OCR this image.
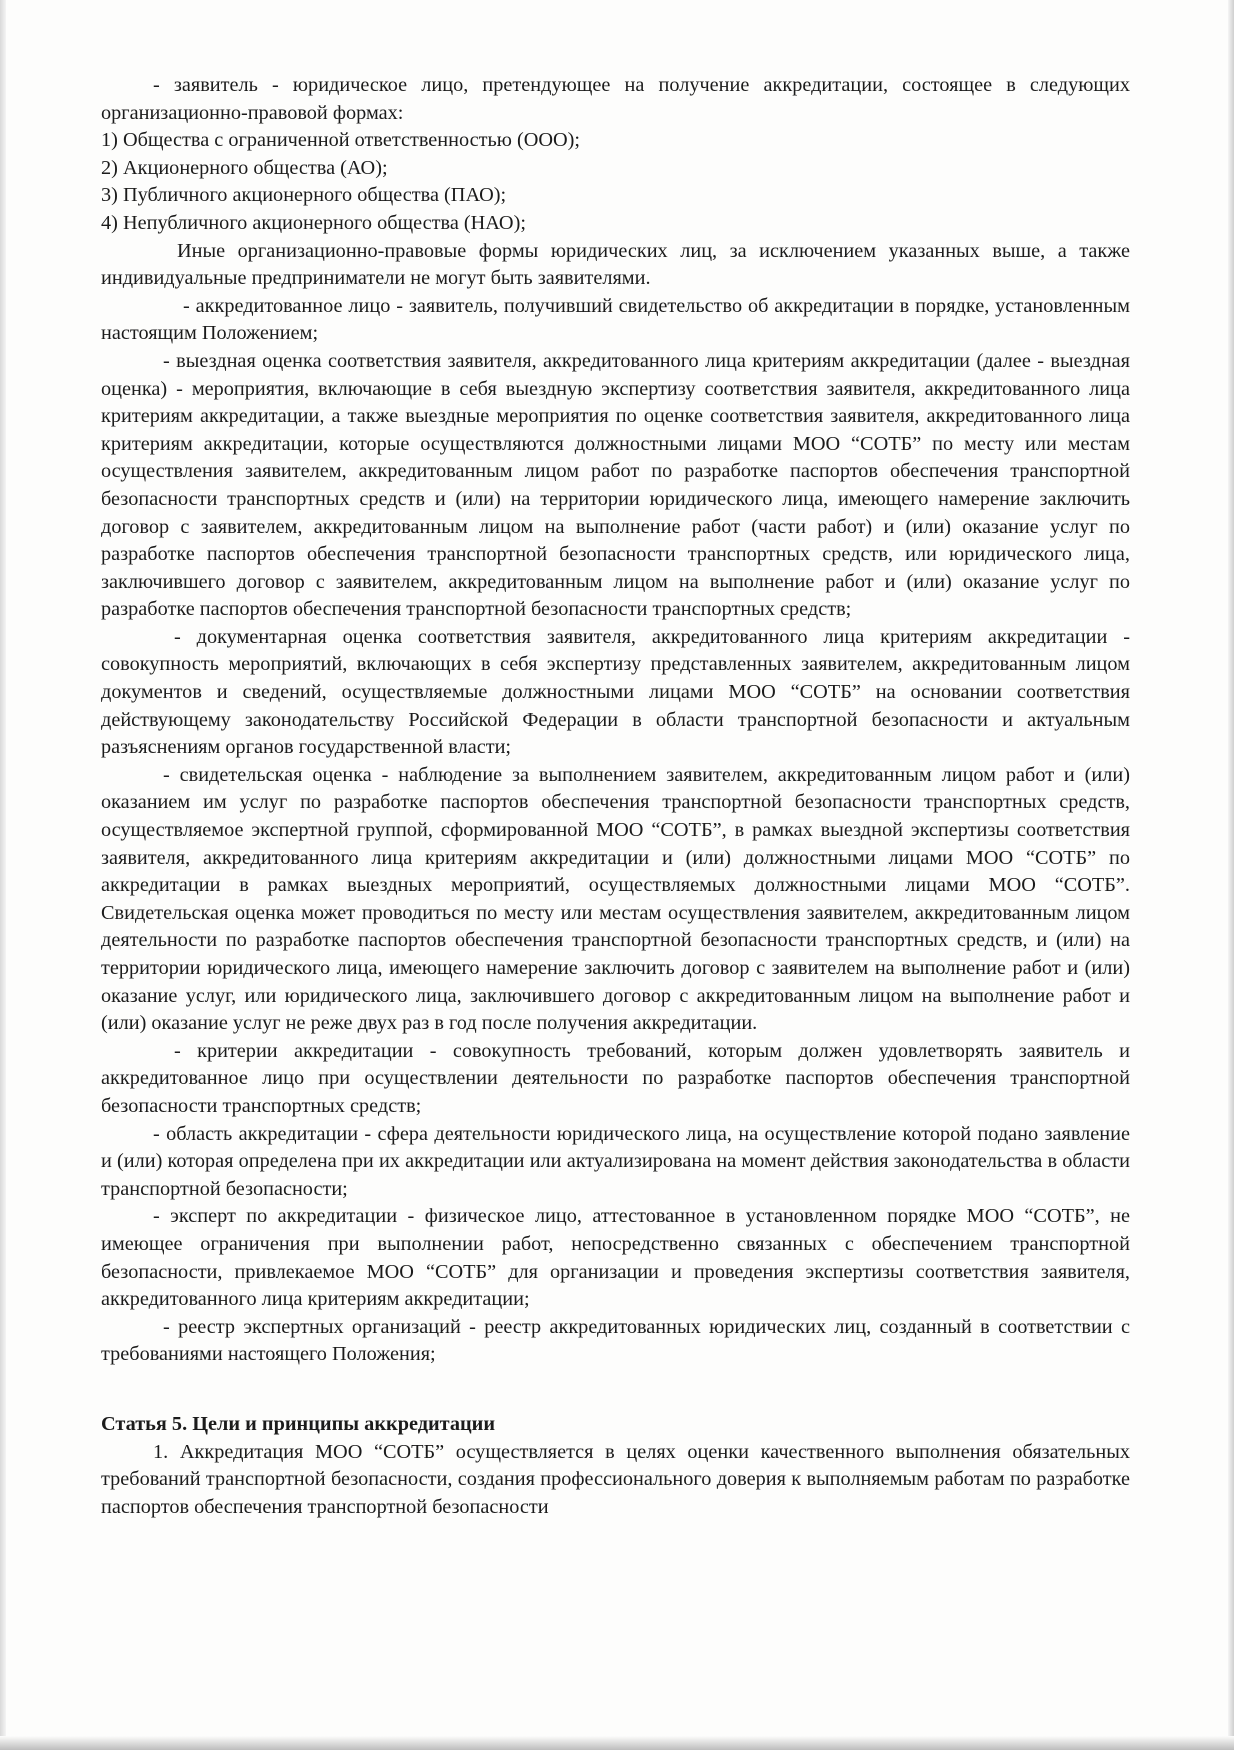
- заявитель - юридическое лицо, претендующее на получение аккредитации, состоящее в следующих организационно-правовой формах:

1) Общества с ограниченной ответственностью (ООО);

2) Акционерного общества (АО);

3) Публичного акционерного общества (ПАО);

4) Непубличного акционерного общества (НАО);

Иные организационно-правовые формы юридических лиц, за исключением указанных выше, а также индивидуальные предприниматели не могут быть заявителями.

- аккредитованное лицо - заявитель, получивший свидетельство об аккредитации в порядке, установленным настоящим Положением;

- выездная оценка соответствия заявителя, аккредитованного лица критериям аккредитации (далее - выездная оценка) - мероприятия, включающие в себя выездную экспертизу соответствия заявителя, аккредитованного лица критериям аккредитации, а также выездные мероприятия по оценке соответствия заявителя, аккредитованного лица критериям аккредитации, которые осуществляются должностными лицами МОО “СОТБ” по месту или местам осуществления заявителем, аккредитованным лицом работ по разработке паспортов обеспечения транспортной безопасности транспортных средств и (или) на территории юридического лица, имеющего намерение заключить договор с заявителем, аккредитованным лицом на выполнение работ (части работ) и (или) оказание услуг по разработке паспортов обеспечения транспортной безопасности транспортных средств, или юридического лица, заключившего договор с заявителем, аккредитованным лицом на выполнение работ и (или) оказание услуг по разработке паспортов обеспечения транспортной безопасности транспортных средств;

- документарная оценка соответствия заявителя, аккредитованного лица критериям аккредитации - совокупность мероприятий, включающих в себя экспертизу представленных заявителем, аккредитованным лицом документов и сведений, осуществляемые должностными лицами МОО “СОТБ” на основании соответствия действующему законодательству Российской Федерации в области транспортной безопасности и актуальным разъяснениям органов государственной власти;

- свидетельская оценка - наблюдение за выполнением заявителем, аккредитованным лицом работ и (или) оказанием им услуг по разработке паспортов обеспечения транспортной безопасности транспортных средств, осуществляемое экспертной группой, сформированной МОО “СОТБ”, в рамках выездной экспертизы соответствия заявителя, аккредитованного лица критериям аккредитации и (или) должностными лицами МОО “СОТБ” по аккредитации в рамках выездных мероприятий, осуществляемых должностными лицами МОО “СОТБ”. Свидетельская оценка может проводиться по месту или местам осуществления заявителем, аккредитованным лицом деятельности по разработке паспортов обеспечения транспортной безопасности транспортных средств, и (или) на территории юридического лица, имеющего намерение заключить договор с заявителем на выполнение работ и (или) оказание услуг, или юридического лица, заключившего договор с аккредитованным лицом на выполнение работ и (или) оказание услуг не реже двух раз в год после получения аккредитации.

- критерии аккредитации - совокупность требований, которым должен удовлетворять заявитель и аккредитованное лицо при осуществлении деятельности по разработке паспортов обеспечения транспортной безопасности транспортных средств;

- область аккредитации - сфера деятельности юридического лица, на осуществление которой подано заявление и (или) которая определена при их аккредитации или актуализирована на момент действия законодательства в области транспортной безопасности;

- эксперт по аккредитации - физическое лицо, аттестованное в установленном порядке МОО “СОТБ”, не имеющее ограничения при выполнении работ, непосредственно связанных с обеспечением транспортной безопасности, привлекаемое МОО “СОТБ” для организации и проведения экспертизы соответствия заявителя, аккредитованного лица критериям аккредитации;

- реестр экспертных организаций - реестр аккредитованных юридических лиц, созданный в соответствии с требованиями настоящего Положения;

Статья 5. Цели и принципы аккредитации

1. Аккредитация МОО “СОТБ” осуществляется в целях оценки качественного выполнения обязательных требований транспортной безопасности, создания профессионального доверия к выполняемым работам по разработке паспортов обеспечения транспортной безопасности
